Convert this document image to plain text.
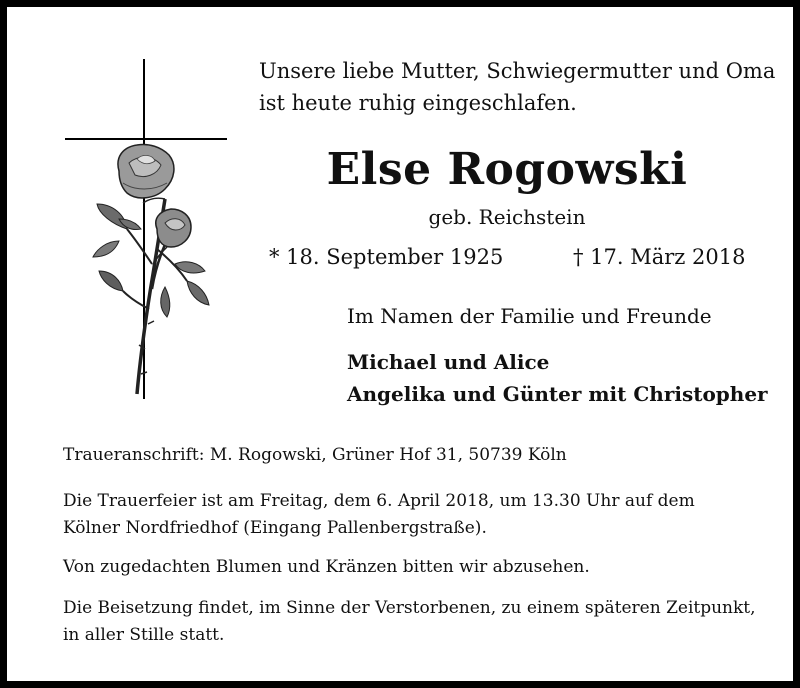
Unsere liebe Mutter, Schwiegermutter und Oma
ist heute ruhig eingeschlafen.
Else Rogowski
geb. Reichstein
* 18. September 1925	† 17. März 2018
Im Namen der Familie und Freunde
Michael und Alice
Angelika und Günter mit Christopher
Traueranschrift: M. Rogowski, Grüner Hof 31, 50739 Köln
Die Trauerfeier ist am Freitag, dem 6. April 2018, um 13.30 Uhr auf dem
Kölner Nordfriedhof (Eingang Pallenbergstraße).
Von zugedachten Blumen und Kränzen bitten wir abzusehen.
Die Beisetzung findet, im Sinne der Verstorbenen, zu einem späteren Zeitpunkt,
in aller Stille statt.
